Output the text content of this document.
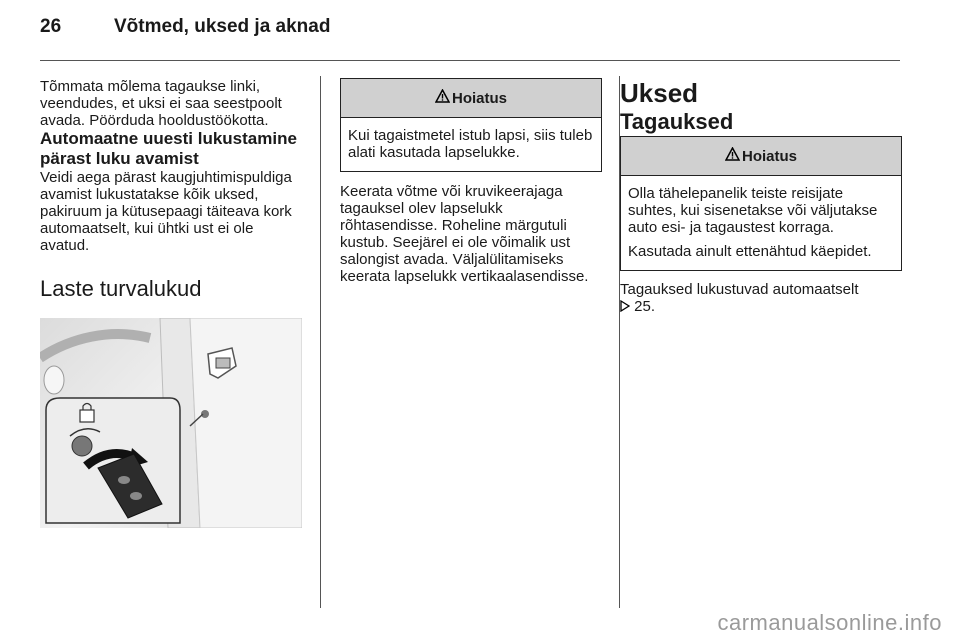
26	Võtmed, uksed ja aknad

Tõmmata mõlema tagaukse linki, veendudes, et uksi ei saa seestpoolt avada. Pöörduda hooldustöökotta.

Automaatne uuesti lukustamine pärast luku avamist

Veidi aega pärast kaugjuhtimispuldiga avamist lukustatakse kõik uksed, pakiruum ja kütusepaagi täiteava kork automaatselt, kui ühtki ust ei ole avatud.

Laste turvalukud

Hoiatus

Kui tagaistmetel istub lapsi, siis tuleb alati kasutada lapselukke.

Keerata võtme või kruvikeerajaga tagauksel olev lapselukk rõhtasendisse. Roheline märgutuli kustub. Seejärel ei ole võimalik ust salongist avada. Väljalülitamiseks keerata lapselukk vertikaalasendisse.

Uksed

Tagauksed

Hoiatus

Olla tähelepanelik teiste reisijate suhtes, kui sisenetakse või väljutakse auto esi- ja tagaustest korraga.

Kasutada ainult ettenähtud käepidet.

Tagauksed lukustuvad automaatselt
25.

carmanualsonline.info
